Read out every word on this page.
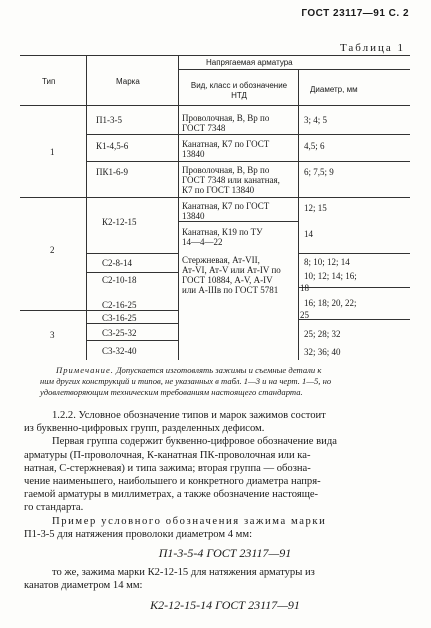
ГОСТ 23117—91 С. 2
Таблица 1
Тип	Марка
Напрягаемая арматура
Вид, класс и обозначение НТД
Диаметр, мм
1
2
3
П1-3-5
К1-4,5-6
ПК1-6-9
К2-12-15
С2-8-14
С2-10-18
С2-16-25
С3-16-25
С3-25-32
С3-32-40
Проволочная, В, Вр по
ГОСТ 7348
Канатная, К7 по ГОСТ
13840
Проволочная, В, Вр по
ГОСТ 7348 или канатная,
К7 по ГОСТ 13840
Канатная, К7 по ГОСТ
13840
Канатная, К19 по ТУ
14—4—22
Стержневая, Ат-VII,
Ат-VI, Ат-V или Ат-IV по
ГОСТ 10884, А-V, А-IV
или А-IIIв по ГОСТ 5781
3; 4; 5
4,5; 6
6; 7,5; 9
12; 15
14
8; 10; 12; 14
10; 12; 14; 16;
18
16; 18; 20, 22;
25
25; 28; 32
32; 36; 40
Примечание. Допускается изготовлять зажимы и съемные детали к
ним других конструкций и типов, не указанных в табл. 1—3 и на черт. 1—5, но
удовлетворяющим техническим требованиям настоящего стандарта.
1.2.2. Условное обозначение типов и марок зажимов состоит
из буквенно-цифровых групп, разделенных дефисом.
Первая группа содержит буквенно-цифровое обозначение вида
арматуры (П-проволочная, К-канатная ПК-проволочная или ка-
натная, С-стержневая) и типа зажима; вторая группа — обозна-
чение наименьшего, наибольшего и конкретного диаметра напря-
гаемой арматуры в миллиметрах, а также обозначение настояще-
го стандарта.
Пример условного обозначения зажима марки
П1-3-5 для натяжения проволоки диаметром 4 мм:
П1-3-5-4 ГОСТ 23117—91
то же, зажима марки К2-12-15 для натяжения арматуры из
канатов диаметром 14 мм:
К2-12-15-14 ГОСТ 23117—91
